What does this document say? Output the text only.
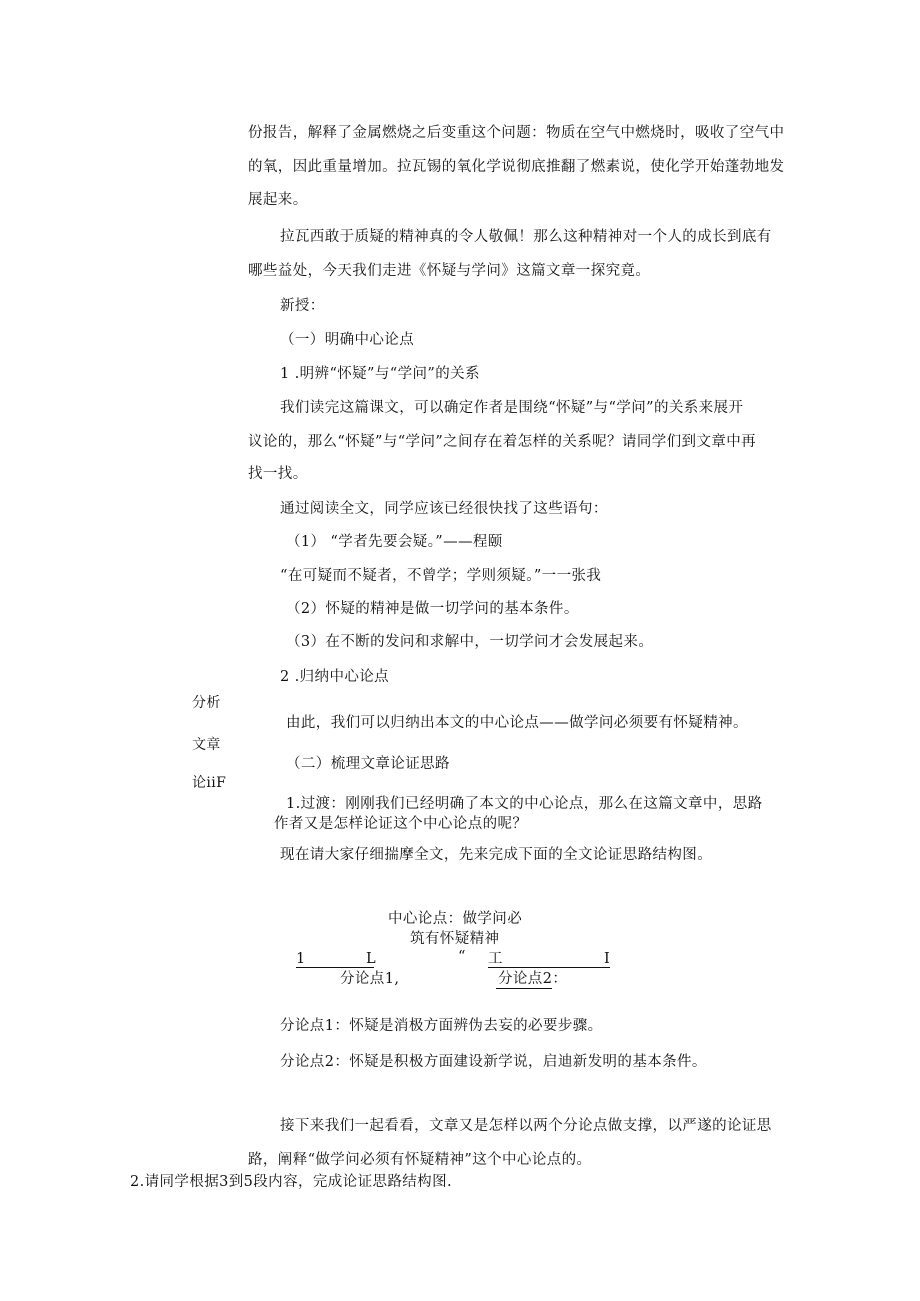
份报告，解释了金属燃烧之后变重这个问题：物质在空气中燃烧时，吸收了空气中
的氧，因此重量增加。拉瓦锡的氧化学说彻底推翻了燃素说，使化学开始蓬勃地发
展起来。
拉瓦西敢于质疑的精神真的令人敬佩！那么这种精神对一个人的成长到底有
哪些益处，今天我们走进《怀疑与学问》这篇文章一探究竟。
新授：
（一）明确中心论点
1 .明辨“怀疑”与“学问”的关系
我们读完这篇课文，可以确定作者是围绕“怀疑”与“学问”的关系来展开
议论的，那么“怀疑”与“学问”之间存在着怎样的关系呢？请同学们到文章中再
找一找。
通过阅读全文，同学应该已经很快找了这些语句：
（1） “学者先要会疑。”——程颐
“在可疑而不疑者，不曾学；学则须疑。”一一张我
（2）怀疑的精神是做一切学问的基本条件。
（3）在不断的发问和求解中，一切学问才会发展起来。
2 .归纳中心论点
分析
由此，我们可以归纳出本文的中心论点——做学问必须要有怀疑精神。
文章
（二）梳理文章论证思路
论iiF
1.过渡：刚刚我们已经明确了本文的中心论点，那么在这篇文章中，思路
作者又是怎样论证这个中心论点的呢？
现在请大家仔细揣摩全文，先来完成下面的全文论证思路结构图。
中心论点：做学问必
筑有怀疑精神
1	L	“ 工	I
分论点1,	分论点2：
分论点1：怀疑是消极方面辨伪去妄的必要步骤。
分论点2：怀疑是积极方面建设新学说，启迪新发明的基本条件。
接下来我们一起看看，文章又是怎样以两个分论点做支撑，以严遂的论证思
路，阐释“做学问必须有怀疑精神”这个中心论点的。
2.请同学根据3到5段内容，完成论证思路结构图.
